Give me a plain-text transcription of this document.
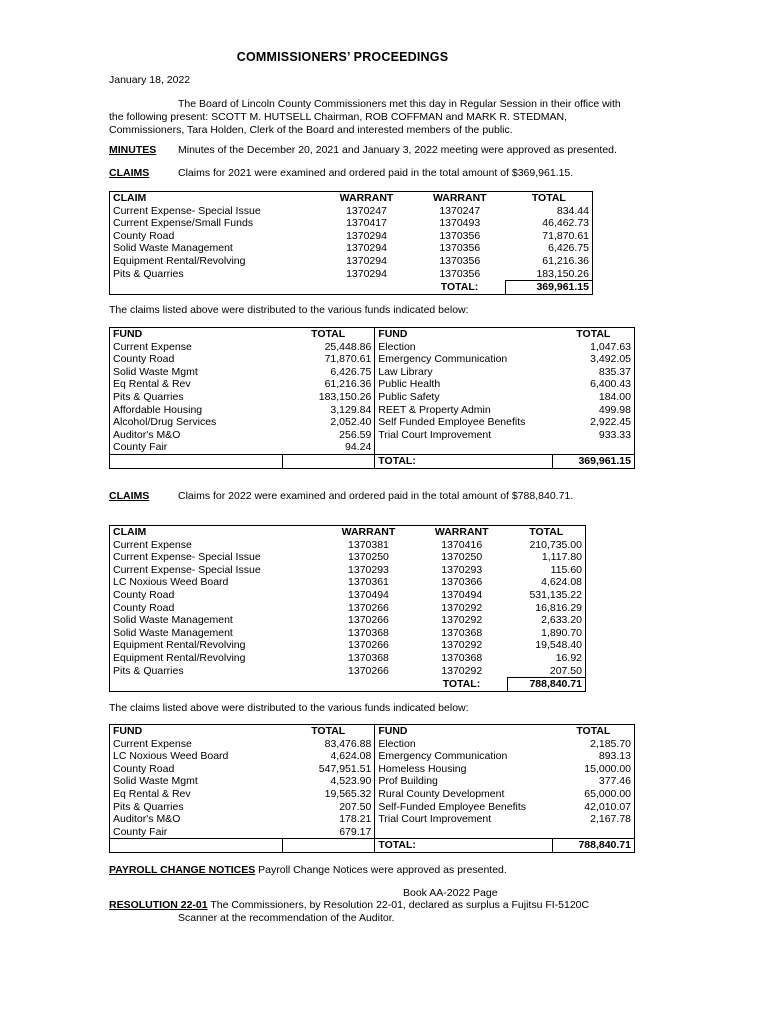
COMMISSIONERS’ PROCEEDINGS
January 18, 2022
The Board of Lincoln County Commissioners met this day in Regular Session in their office with
the following present: SCOTT M. HUTSELL Chairman, ROB COFFMAN and MARK R. STEDMAN,
Commissioners, Tara Holden, Clerk of the Board and interested members of the public.
MINUTES Minutes of the December 20, 2021 and January 3, 2022 meeting were approved as presented.
CLAIMS	Claims for 2021 were examined and ordered paid in the total amount of $369,961.15.
CLAIM	WARRANT	WARRANT	TOTAL
Current Expense- Special Issue	1370247	1370247	834.44
Current Expense/Small Funds	1370417	1370493	46,462.73
County Road	1370294	1370356	71,870.61
Solid Waste Management	1370294	1370356	6,426.75
Equipment Rental/Revolving	1370294	1370356	61,216.36
Pits & Quarries	1370294	1370356	183,150.26
		TOTAL:	369,961.15
The claims listed above were distributed to the various funds indicated below:
FUND	TOTAL	FUND	TOTAL
Current Expense	25,448.86	Election	1,047.63
County Road	71,870.61	Emergency Communication	3,492.05
Solid Waste Mgmt	6,426.75	Law Library	835.37
Eq Rental & Rev	61,216.36	Public Health	6,400.43
Pits & Quarries	183,150.26	Public Safety	184.00
Affordable Housing	3,129.84	REET & Property Admin	499.98
Alcohol/Drug Services	2,052.40	Self Funded Employee Benefits	2,922.45
Auditor's M&O	256.59	Trial Court Improvement	933.33
County Fair	94.24		
		TOTAL:	369,961.15
CLAIMS	Claims for 2022 were examined and ordered paid in the total amount of $788,840.71.
CLAIM	WARRANT	WARRANT	TOTAL
Current Expense	1370381	1370416	210,735.00
Current Expense- Special Issue	1370250	1370250	1,117.80
Current Expense- Special Issue	1370293	1370293	115.60
LC Noxious Weed Board	1370361	1370366	4,624.08
County Road	1370494	1370494	531,135.22
County Road	1370266	1370292	16,816.29
Solid Waste Management	1370266	1370292	2,633.20
Solid Waste Management	1370368	1370368	1,890.70
Equipment Rental/Revolving	1370266	1370292	19,548.40
Equipment Rental/Revolving	1370368	1370368	16.92
Pits & Quarries	1370266	1370292	207.50
		TOTAL:	788,840.71
The claims listed above were distributed to the various funds indicated below:
FUND	TOTAL	FUND	TOTAL
Current Expense	83,476.88	Election	2,185.70
LC Noxious Weed Board	4,624.08	Emergency Communication	893.13
County Road	547,951.51	Homeless Housing	15,000.00
Solid Waste Mgmt	4,523.90	Prof Building	377.46
Eq Rental & Rev	19,565.32	Rural County Development	65,000.00
Pits & Quarries	207.50	Self-Funded Employee Benefits	42,010.07
Auditor's M&O	178.21	Trial Court Improvement	2,167.78
County Fair	679.17		
		TOTAL:	788,840.71
PAYROLL CHANGE NOTICES Payroll Change Notices were approved as presented.
Book AA-2022 Page
RESOLUTION 22-01 The Commissioners, by Resolution 22-01, declared as surplus a Fujitsu FI-5120C
Scanner at the recommendation of the Auditor.
